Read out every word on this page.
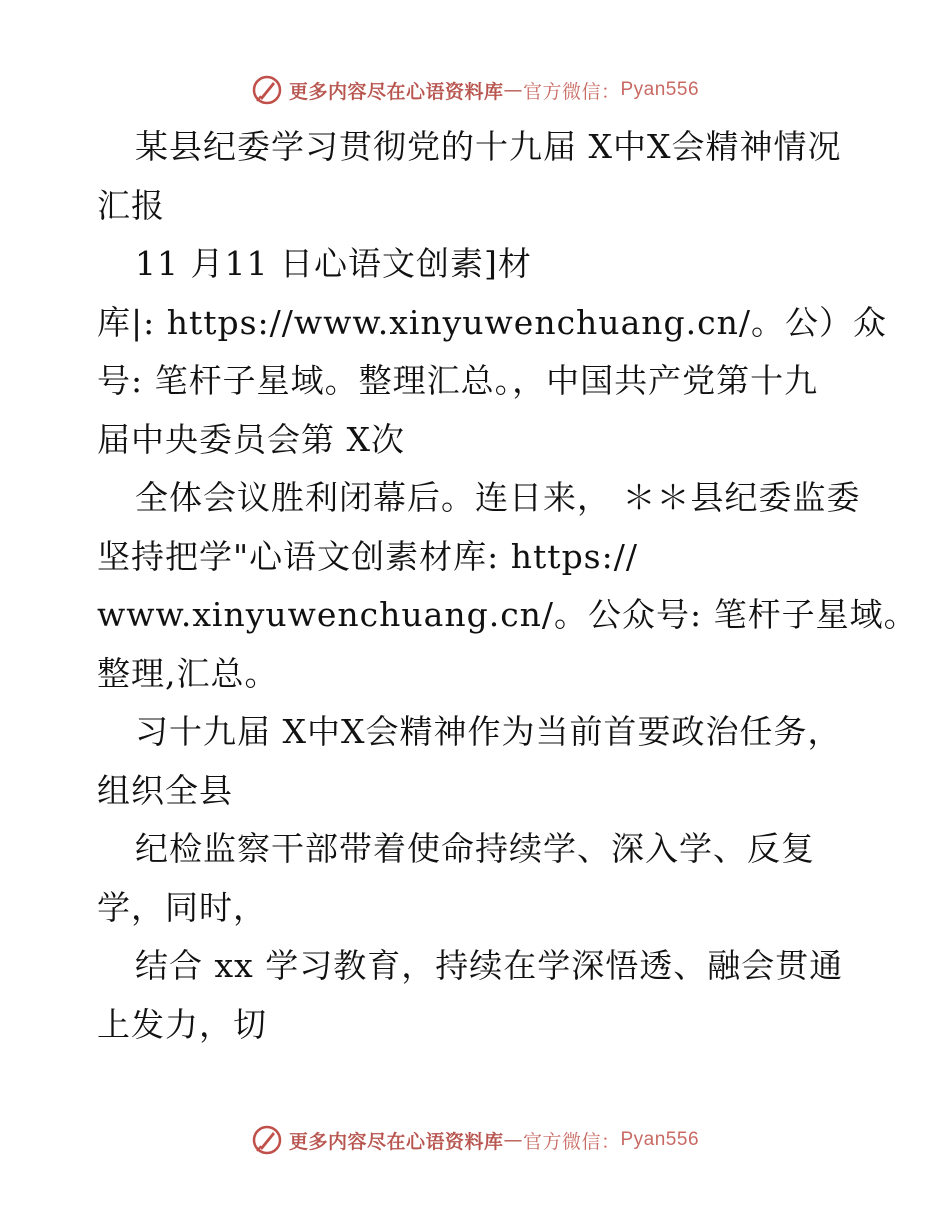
更多内容尽在心语资料库 — 官方微信： Pyan556
某县纪委学习贯彻党的十九届 X中X会精神情况
汇报
11 月11 日心语文创素]材
库|: https://www.xinyuwenchuang.cn/。公）众
号: 笔杆子星域。整理汇总。，中国共产党第十九
届中央委员会第 X次
全体会议胜利闭幕后。连日来， ＊＊县纪委监委
坚持把学"心语文创素材库: https://
www.xinyuwenchuang.cn/。公众号: 笔杆子星域。
整理,汇总。
习十九届 X中X会精神作为当前首要政治任务，
组织全县
纪检监察干部带着使命持续学、深入学、反复
学，同时，
结合 xx 学习教育，持续在学深悟透、融会贯通
上发力，切
更多内容尽在心语资料库 — 官方微信： Pyan556
